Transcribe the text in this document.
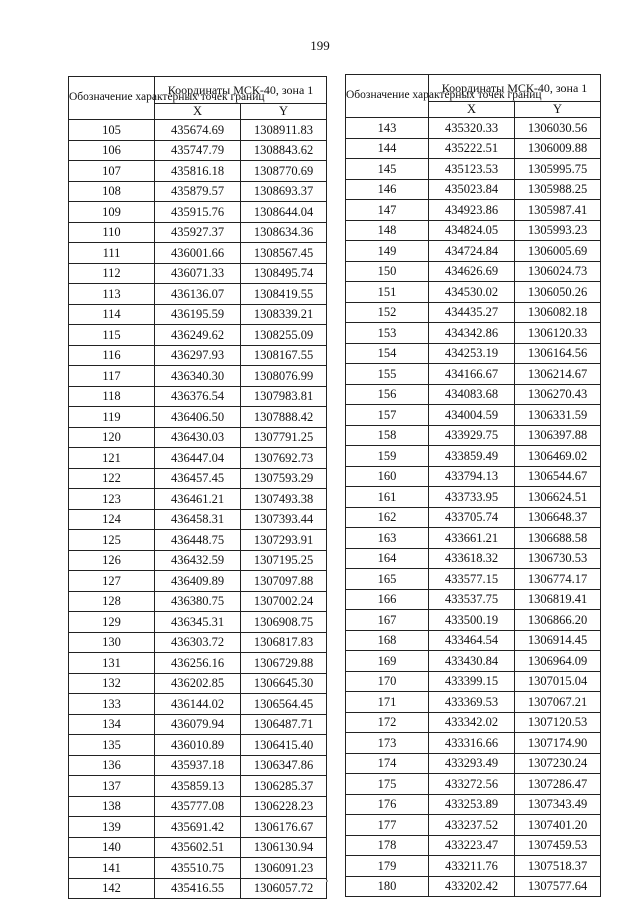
199
Обозначение характерных точек границ	Координаты МСК-40, зона 1	
	X	Y
105	435674.69	1308911.83
106	435747.79	1308843.62
107	435816.18	1308770.69
108	435879.57	1308693.37
109	435915.76	1308644.04
110	435927.37	1308634.36
111	436001.66	1308567.45
112	436071.33	1308495.74
113	436136.07	1308419.55
114	436195.59	1308339.21
115	436249.62	1308255.09
116	436297.93	1308167.55
117	436340.30	1308076.99
118	436376.54	1307983.81
119	436406.50	1307888.42
120	436430.03	1307791.25
121	436447.04	1307692.73
122	436457.45	1307593.29
123	436461.21	1307493.38
124	436458.31	1307393.44
125	436448.75	1307293.91
126	436432.59	1307195.25
127	436409.89	1307097.88
128	436380.75	1307002.24
129	436345.31	1306908.75
130	436303.72	1306817.83
131	436256.16	1306729.88
132	436202.85	1306645.30
133	436144.02	1306564.45
134	436079.94	1306487.71
135	436010.89	1306415.40
136	435937.18	1306347.86
137	435859.13	1306285.37
138	435777.08	1306228.23
139	435691.42	1306176.67
140	435602.51	1306130.94
141	435510.75	1306091.23
142	435416.55	1306057.72
Обозначение характерных точек границ	Координаты МСК-40, зона 1	
	X	Y
143	435320.33	1306030.56
144	435222.51	1306009.88
145	435123.53	1305995.75
146	435023.84	1305988.25
147	434923.86	1305987.41
148	434824.05	1305993.23
149	434724.84	1306005.69
150	434626.69	1306024.73
151	434530.02	1306050.26
152	434435.27	1306082.18
153	434342.86	1306120.33
154	434253.19	1306164.56
155	434166.67	1306214.67
156	434083.68	1306270.43
157	434004.59	1306331.59
158	433929.75	1306397.88
159	433859.49	1306469.02
160	433794.13	1306544.67
161	433733.95	1306624.51
162	433705.74	1306648.37
163	433661.21	1306688.58
164	433618.32	1306730.53
165	433577.15	1306774.17
166	433537.75	1306819.41
167	433500.19	1306866.20
168	433464.54	1306914.45
169	433430.84	1306964.09
170	433399.15	1307015.04
171	433369.53	1307067.21
172	433342.02	1307120.53
173	433316.66	1307174.90
174	433293.49	1307230.24
175	433272.56	1307286.47
176	433253.89	1307343.49
177	433237.52	1307401.20
178	433223.47	1307459.53
179	433211.76	1307518.37
180	433202.42	1307577.64
